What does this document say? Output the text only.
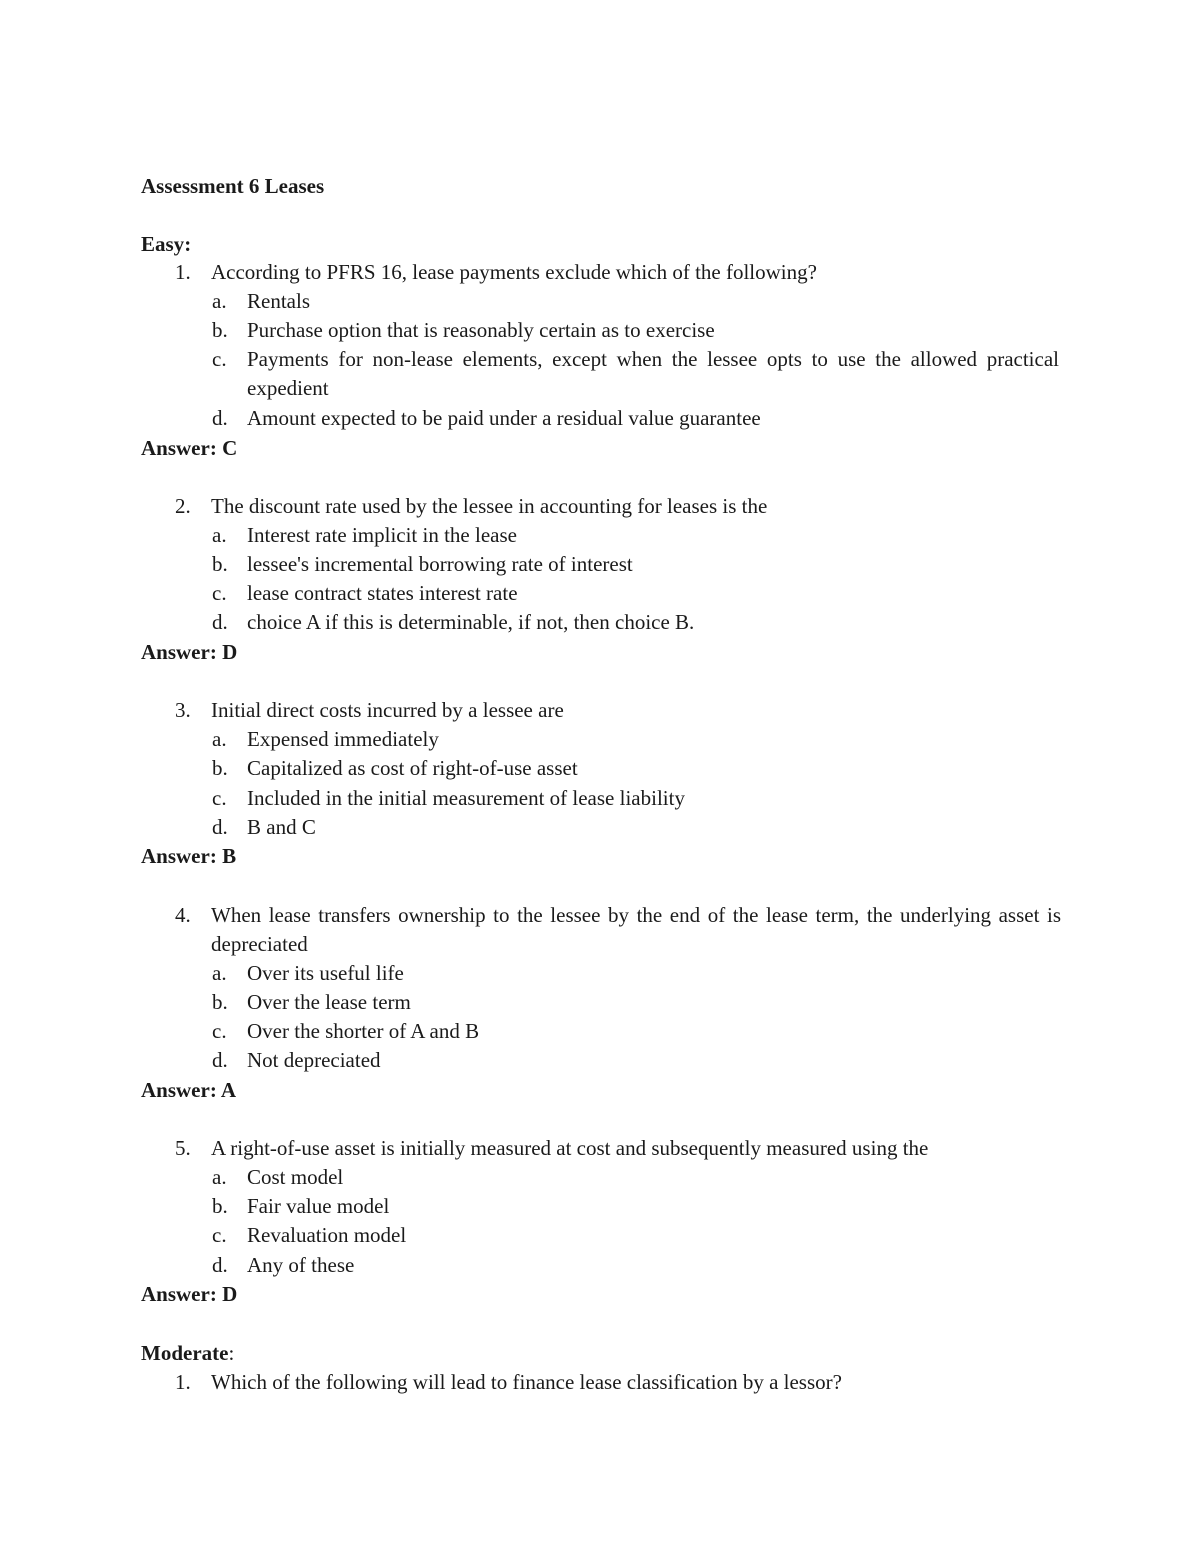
Assessment 6 Leases
Easy:
1. According to PFRS 16, lease payments exclude which of the following?
a. Rentals
b. Purchase option that is reasonably certain as to exercise
c. Payments for non-lease elements, except when the lessee opts to use the allowed practical expedient
d. Amount expected to be paid under a residual value guarantee
Answer: C
2. The discount rate used by the lessee in accounting for leases is the
a. Interest rate implicit in the lease
b. lessee's incremental borrowing rate of interest
c. lease contract states interest rate
d. choice A if this is determinable, if not, then choice B.
Answer: D
3. Initial direct costs incurred by a lessee are
a. Expensed immediately
b. Capitalized as cost of right-of-use asset
c. Included in the initial measurement of lease liability
d. B and C
Answer: B
4. When lease transfers ownership to the lessee by the end of the lease term, the underlying asset is depreciated
a. Over its useful life
b. Over the lease term
c. Over the shorter of A and B
d. Not depreciated
Answer: A
5. A right-of-use asset is initially measured at cost and subsequently measured using the
a. Cost model
b. Fair value model
c. Revaluation model
d. Any of these
Answer: D
Moderate:
1. Which of the following will lead to finance lease classification by a lessor?
